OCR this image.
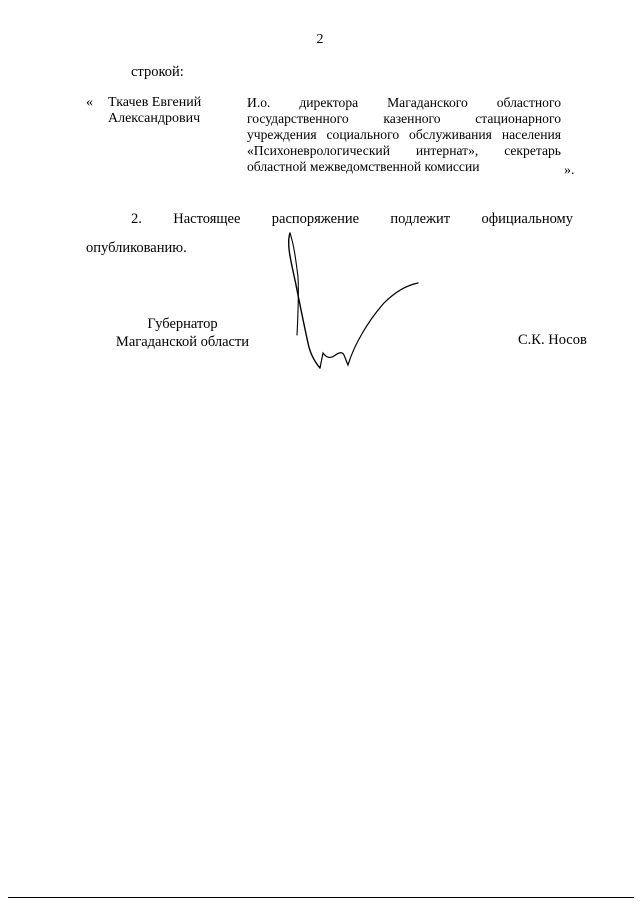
2
строкой:
« Ткачев Евгений
Александрович
И.о. директора Магаданского областного
государственного казенного стационарного
учреждения социального обслуживания населения
«Психоневрологический интернат», секретарь
областной межведомственной комиссии	».
2. Настоящее распоряжение подлежит официальному
опубликованию.
Губернатор
Магаданской области	С.К. Носов
